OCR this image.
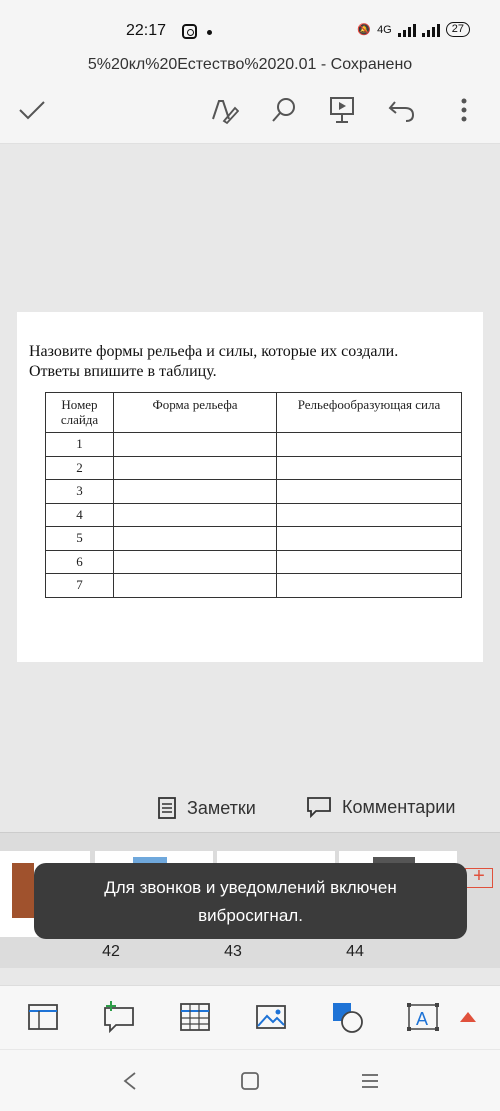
22:17	🔕 4G	27
5%20кл%20Естество%2020.01 - Сохранено
Назовите формы рельефа и силы, которые их создали.
Ответы впишите в таблицу.
Номер слайда	Форма рельефа	Рельефообразующая сила
1		
2		
3		
4		
5		
6		
7		
Заметки	Комментарии
42	43	44
+
Для звонков и уведомлений включен
вибросигнал.
A
